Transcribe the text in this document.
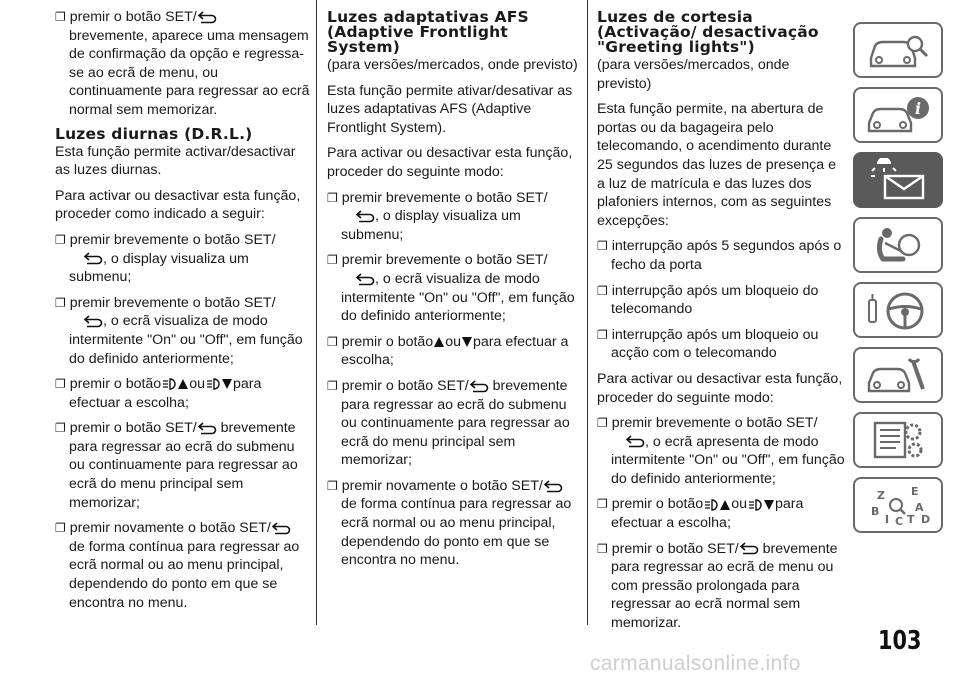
❐ premir o botão SET/
brevemente, aparece uma mensagem de confirmação da opção e regressa-se ao ecrã de menu, ou continuamente para regressar ao ecrã normal sem memorizar.
Luzes diurnas (D.R.L.)
Esta função permite activar/desactivar as luzes diurnas.
Para activar ou desactivar esta função, proceder como indicado a seguir:
❐ premir brevemente o botão SET/
, o display visualiza um submenu;
❐ premir brevemente o botão SET/
, o ecrã visualiza de modo intermitente "On" ou "Off", em função do definido anteriormente;
❐ premir o botão ou para efectuar a escolha;
❐ premir o botão SET/ brevemente para regressar ao ecrã do submenu ou continuamente para regressar ao ecrã do menu principal sem memorizar;
❐ premir novamente o botão SET/ de forma contínua para regressar ao ecrã normal ou ao menu principal, dependendo do ponto em que se encontra no menu.
Luzes adaptativas AFS (Adaptive Frontlight System)
(para versões/mercados, onde previsto)
Esta função permite ativar/desativar as luzes adaptativas AFS (Adaptive Frontlight System).
Para activar ou desactivar esta função, proceder do seguinte modo:
❐ premir brevemente o botão SET/
, o display visualiza um submenu;
❐ premir brevemente o botão SET/
, o ecrã visualiza de modo intermitente "On" ou "Off", em função do definido anteriormente;
❐ premir o botão ou para efectuar a escolha;
❐ premir o botão SET/ brevemente para regressar ao ecrã do submenu ou continuamente para regressar ao ecrã do menu principal sem memorizar;
❐ premir novamente o botão SET/ de forma contínua para regressar ao ecrã normal ou ao menu principal, dependendo do ponto em que se encontra no menu.
Luzes de cortesia (Activação/ desactivação "Greeting lights")
(para versões/mercados, onde previsto)
Esta função permite, na abertura de portas ou da bagageira pelo telecomando, o acendimento durante 25 segundos das luzes de presença e a luz de matrícula e das luzes dos plafoniers internos, com as seguintes excepções:
❐ interrupção após 5 segundos após o fecho da porta
❐ interrupção após um bloqueio do telecomando
❐ interrupção após um bloqueio ou acção com o telecomando
Para activar ou desactivar esta função, proceder do seguinte modo:
❐ premir brevemente o botão SET/
, o ecrã apresenta de modo intermitente "On" ou "Off", em função do definido anteriormente;
❐ premir o botão ou para efectuar a escolha;
❐ premir o botão SET/ brevemente para regressar ao ecrã de menu ou com pressão prolongada para regressar ao ecrã normal sem memorizar.
i
Z E
B	A
I C T D
103
carmanualsonline.info
